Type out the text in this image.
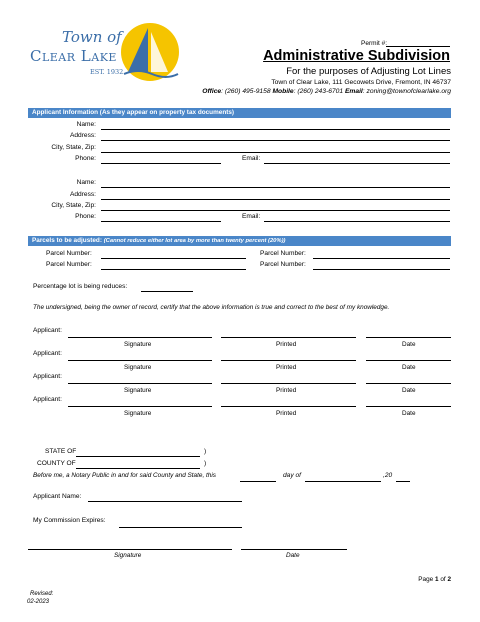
Town of
Clear Lake
EST. 1932
Permit #:
Administrative Subdivision
For the purposes of Adjusting Lot Lines
Town of Clear Lake, 111 Gecowets Drive, Fremont, IN 46737
Office: (260) 495-9158 Mobile: (260) 243-6701 Email: zoning@townofclearlake.org
Applicant Information (As they appear on property tax documents)
Name:
Address:
City, State, Zip:
Phone:	Email:
Name:
Address:
City, State, Zip:
Phone:	Email:
Parcels to be adjusted: (Cannot reduce either lot area by more than twenty percent (20%))
Parcel Number:	Parcel Number:
Parcel Number:	Parcel Number:
Percentage lot is being reduces:
The undersigned, being the owner of record, certify that the above information is true and correct to the best of my knowledge.
Applicant:
Signature	Printed	Date
Applicant:
Signature	Printed	Date
Applicant:
Signature	Printed	Date
Applicant:
Signature	Printed	Date
STATE OF	)
COUNTY OF	)
Before me, a Notary Public in and for said County and State, this	day of	,20
Applicant Name:
My Commission Expires:
Signature	Date
Page 1 of 2
Revised:
02-2023
